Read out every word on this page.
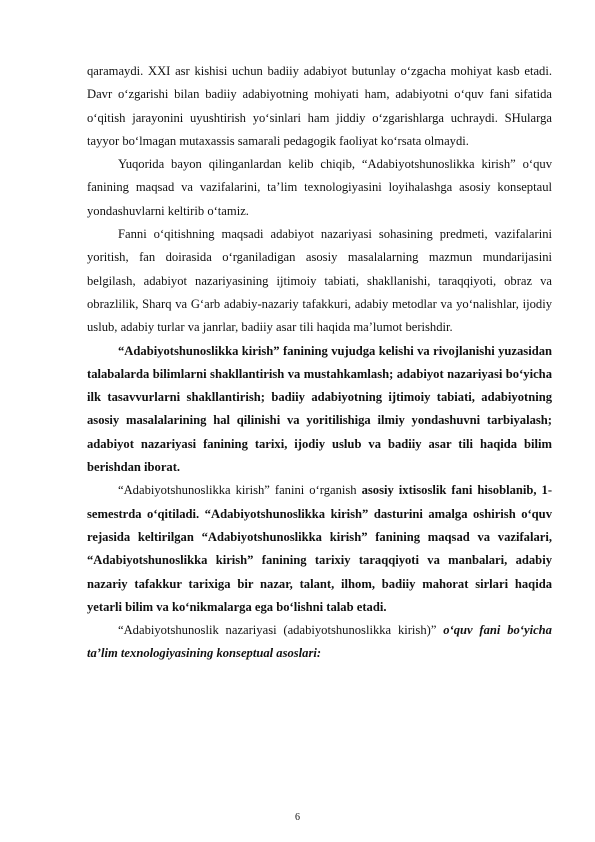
qaramaydi. XXI asr kishisi uchun badiiy adabiyot butunlay o‘zgacha mohiyat kasb etadi. Davr o‘zgarishi bilan badiiy adabiyotning mohiyati ham, adabiyotni o‘quv fani sifatida o‘qitish jarayonini uyushtirish yo‘sinlari ham jiddiy o‘zgarishlarga uchraydi. SHularga tayyor bo‘lmagan mutaxassis samarali pedagogik faoliyat ko‘rsata olmaydi.

Yuqorida bayon qilinganlardan kelib chiqib, “Adabiyotshunoslikka kirish” o‘quv fanining maqsad va vazifalarini, ta’lim texnologiyasini loyihalashga asosiy konseptaul yondashuvlarni keltirib o‘tamiz.

Fanni o‘qitishning maqsadi adabiyot nazariyasi sohasining predmeti, vazifalarini yoritish, fan doirasida o‘rganiladigan asosiy masalalarning mazmun mundarijasini belgilash, adabiyot nazariyasining ijtimoiy tabiati, shakllanishi, taraqqiyoti, obraz va obrazlilik, Sharq va G‘arb adabiy-nazariy tafakkuri, adabiy metodlar va yo‘nalishlar, ijodiy uslub, adabiy turlar va janrlar, badiiy asar tili haqida ma’lumot berishdir.

“Adabiyotshunoslikka kirish” fanining vujudga kelishi va rivojlanishi yuzasidan talabalarda bilimlarni shakllantirish va mustahkamlash; adabiyot nazariyasi bo‘yicha ilk tasavvurlarni shakllantirish; badiiy adabiyotning ijtimoiy tabiati, adabiyotning asosiy masalalarining hal qilinishi va yoritilishiga ilmiy yondashuvni tarbiyalash; adabiyot nazariyasi fanining tarixi, ijodiy uslub va badiiy asar tili haqida bilim berishdan iborat.

“Adabiyotshunoslikka kirish” fanini o‘rganish asosiy ixtisoslik fani hisoblanib, 1-semestrda o‘qitiladi. “Adabiyotshunoslikka kirish” dasturini amalga oshirish o‘quv rejasida keltirilgan “Adabiyotshunoslikka kirish” fanining maqsad va vazifalari, “Adabiyotshunoslikka kirish” fanining tarixiy taraqqiyoti va manbalari, adabiy nazariy tafakkur tarixiga bir nazar, talant, ilhom, badiiy mahorat sirlari haqida yetarli bilim va ko‘nikmalarga ega bo‘lishni talab etadi.

“Adabiyotshunoslik nazariyasi (adabiyotshunoslikka kirish)” o‘quv fani bo‘yicha ta’lim texnologiyasining konseptual asoslari:

6
